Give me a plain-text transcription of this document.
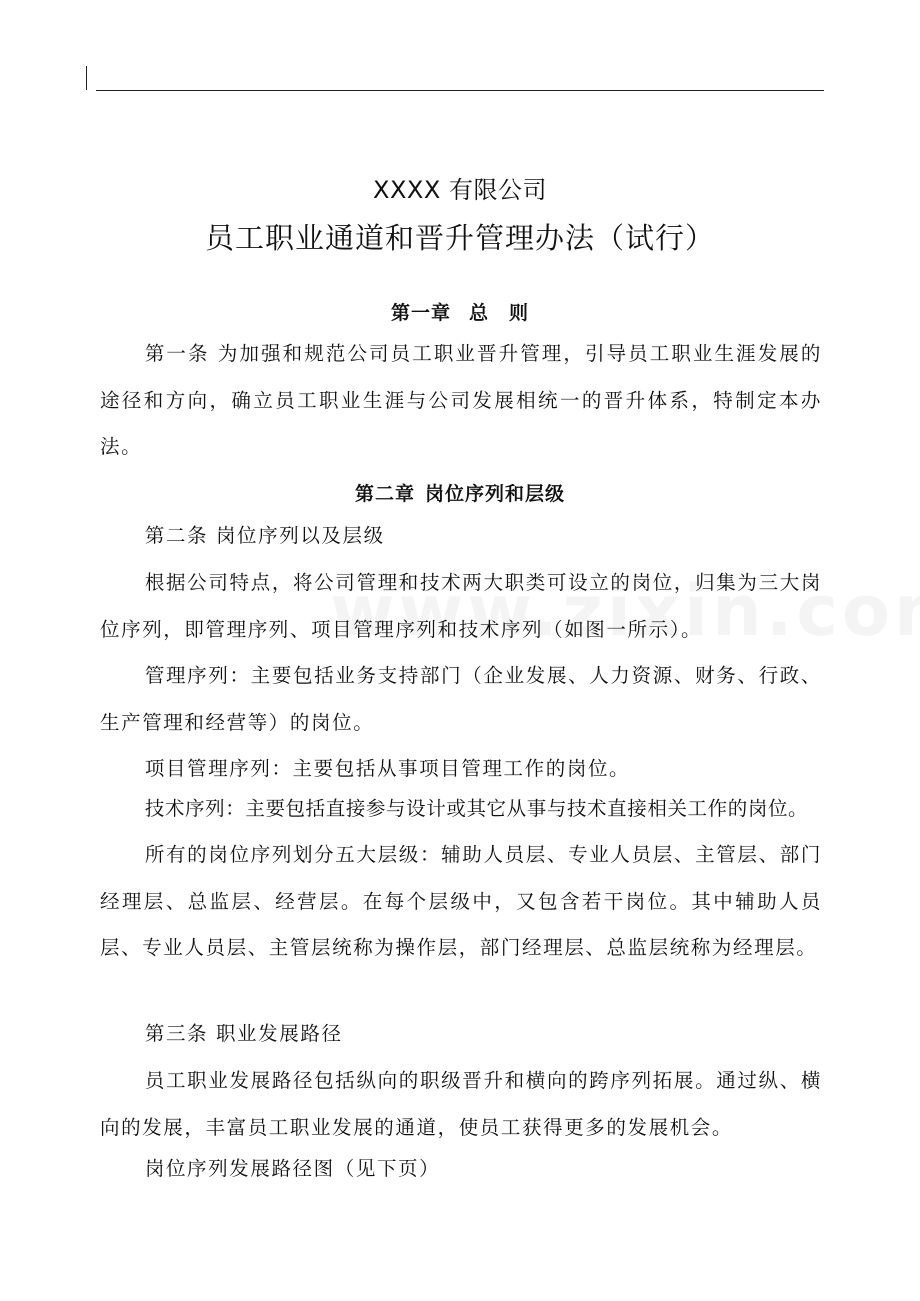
XXXX 有限公司
员工职业通道和晋升管理办法（试行）
第一章 总　则

第一条 为加强和规范公司员工职业晋升管理，引导员工职业生涯发展的途径和方向，确立员工职业生涯与公司发展相统一的晋升体系，特制定本办法。

第二章 岗位序列和层级

第二条 岗位序列以及层级

根据公司特点，将公司管理和技术两大职类可设立的岗位，归集为三大岗位序列，即管理序列、项目管理序列和技术序列（如图一所示）。

管理序列：主要包括业务支持部门（企业发展、人力资源、财务、行政、生产管理和经营等）的岗位。

项目管理序列：主要包括从事项目管理工作的岗位。

技术序列：主要包括直接参与设计或其它从事与技术直接相关工作的岗位。

所有的岗位序列划分五大层级：辅助人员层、专业人员层、主管层、部门经理层、总监层、经营层。在每个层级中，又包含若干岗位。其中辅助人员层、专业人员层、主管层统称为操作层，部门经理层、总监层统称为经理层。

第三条 职业发展路径

员工职业发展路径包括纵向的职级晋升和横向的跨序列拓展。通过纵、横向的发展，丰富员工职业发展的通道，使员工获得更多的发展机会。

岗位序列发展路径图（见下页）
